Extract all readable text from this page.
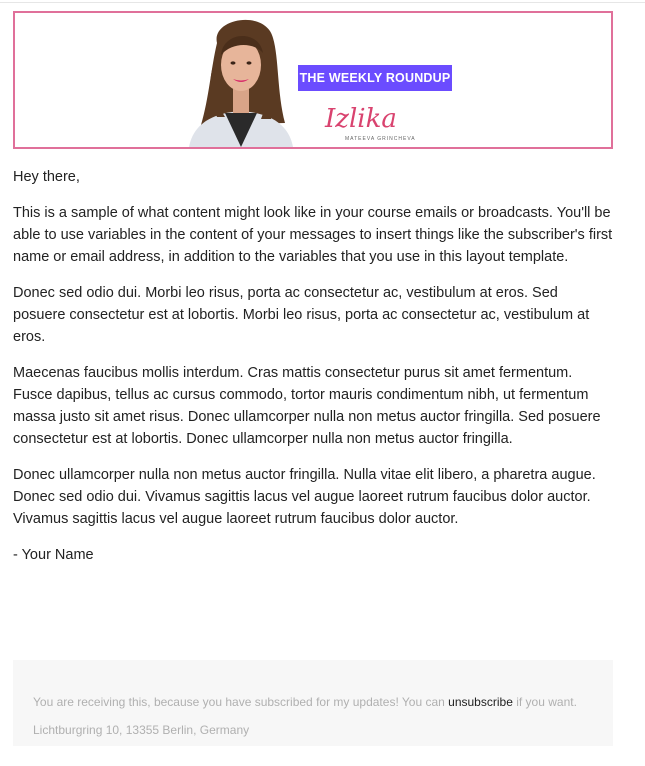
THE WEEKLY ROUNDUP
Izlika
MATEEVA GRINCHEVA

Hey there,

This is a sample of what content might look like in your course emails or broadcasts. You'll be able to use variables in the content of your messages to insert things like the subscriber's first name or email address, in addition to the variables that you use in this layout template.

Donec sed odio dui. Morbi leo risus, porta ac consectetur ac, vestibulum at eros. Sed posuere consectetur est at lobortis. Morbi leo risus, porta ac consectetur ac, vestibulum at eros.

Maecenas faucibus mollis interdum. Cras mattis consectetur purus sit amet fermentum. Fusce dapibus, tellus ac cursus commodo, tortor mauris condimentum nibh, ut fermentum massa justo sit amet risus. Donec ullamcorper nulla non metus auctor fringilla. Sed posuere consectetur est at lobortis. Donec ullamcorper nulla non metus auctor fringilla.

Donec ullamcorper nulla non metus auctor fringilla. Nulla vitae elit libero, a pharetra augue. Donec sed odio dui. Vivamus sagittis lacus vel augue laoreet rutrum faucibus dolor auctor. Vivamus sagittis lacus vel augue laoreet rutrum faucibus dolor auctor.

- Your Name

You are receiving this, because you have subscribed for my updates! You can unsubscribe if you want.
Lichtburgring 10, 13355 Berlin, Germany
